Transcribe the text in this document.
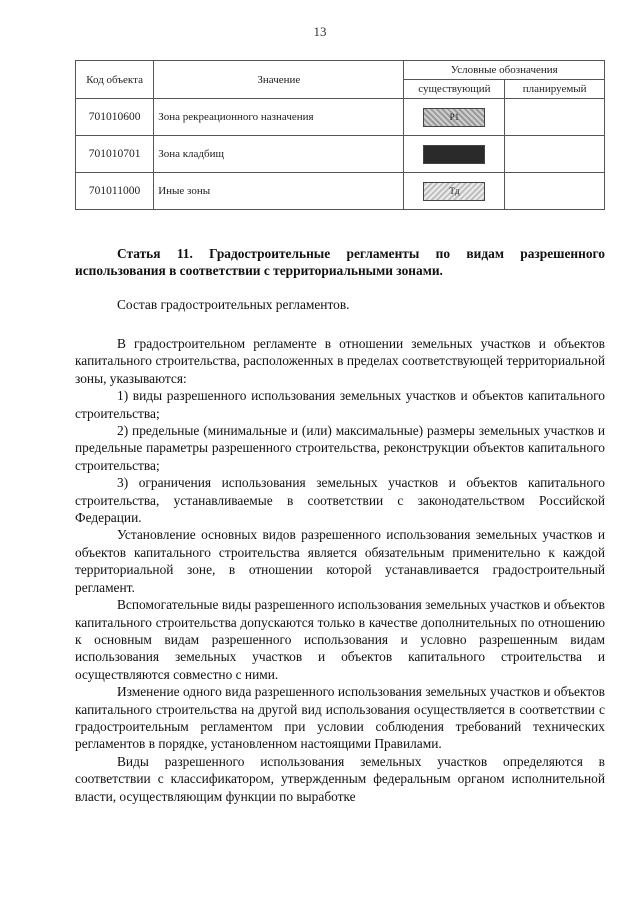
13
Код объекта	Значение	Условные обозначения	
		существующий	планируемый
701010600	Зона рекреационного назначения	Р1	

701010701	Зона кладбищ	

701011000	Иные зоны	Тд	

Статья 11. Градостроительные регламенты по видам разрешенного использования в соответствии с территориальными зонами.
Состав градостроительных регламентов.

В градостроительном регламенте в отношении земельных участков и объектов капитального строительства, расположенных в пределах соответствующей территориальной зоны, указываются:

1) виды разрешенного использования земельных участков и объектов капитального строительства;

2) предельные (минимальные и (или) максимальные) размеры земельных участков и предельные параметры разрешенного строительства, реконструкции объектов капитального строительства;

3) ограничения использования земельных участков и объектов капитального строительства, устанавливаемые в соответствии с законодательством Российской Федерации.

Установление основных видов разрешенного использования земельных участков и объектов капитального строительства является обязательным применительно к каждой территориальной зоне, в отношении которой устанавливается градостроительный регламент.

Вспомогательные виды разрешенного использования земельных участков и объектов капитального строительства допускаются только в качестве дополнительных по отношению к основным видам разрешенного использования и условно разрешенным видам использования земельных участков и объектов капитального строительства и осуществляются совместно с ними.

Изменение одного вида разрешенного использования земельных участков и объектов капитального строительства на другой вид использования осуществляется в соответствии с градостроительным регламентом при условии соблюдения требований технических регламентов в порядке, установленном настоящими Правилами.

Виды разрешенного использования земельных участков определяются в соответствии с классификатором, утвержденным федеральным органом исполнительной власти, осуществляющим функции по выработке
